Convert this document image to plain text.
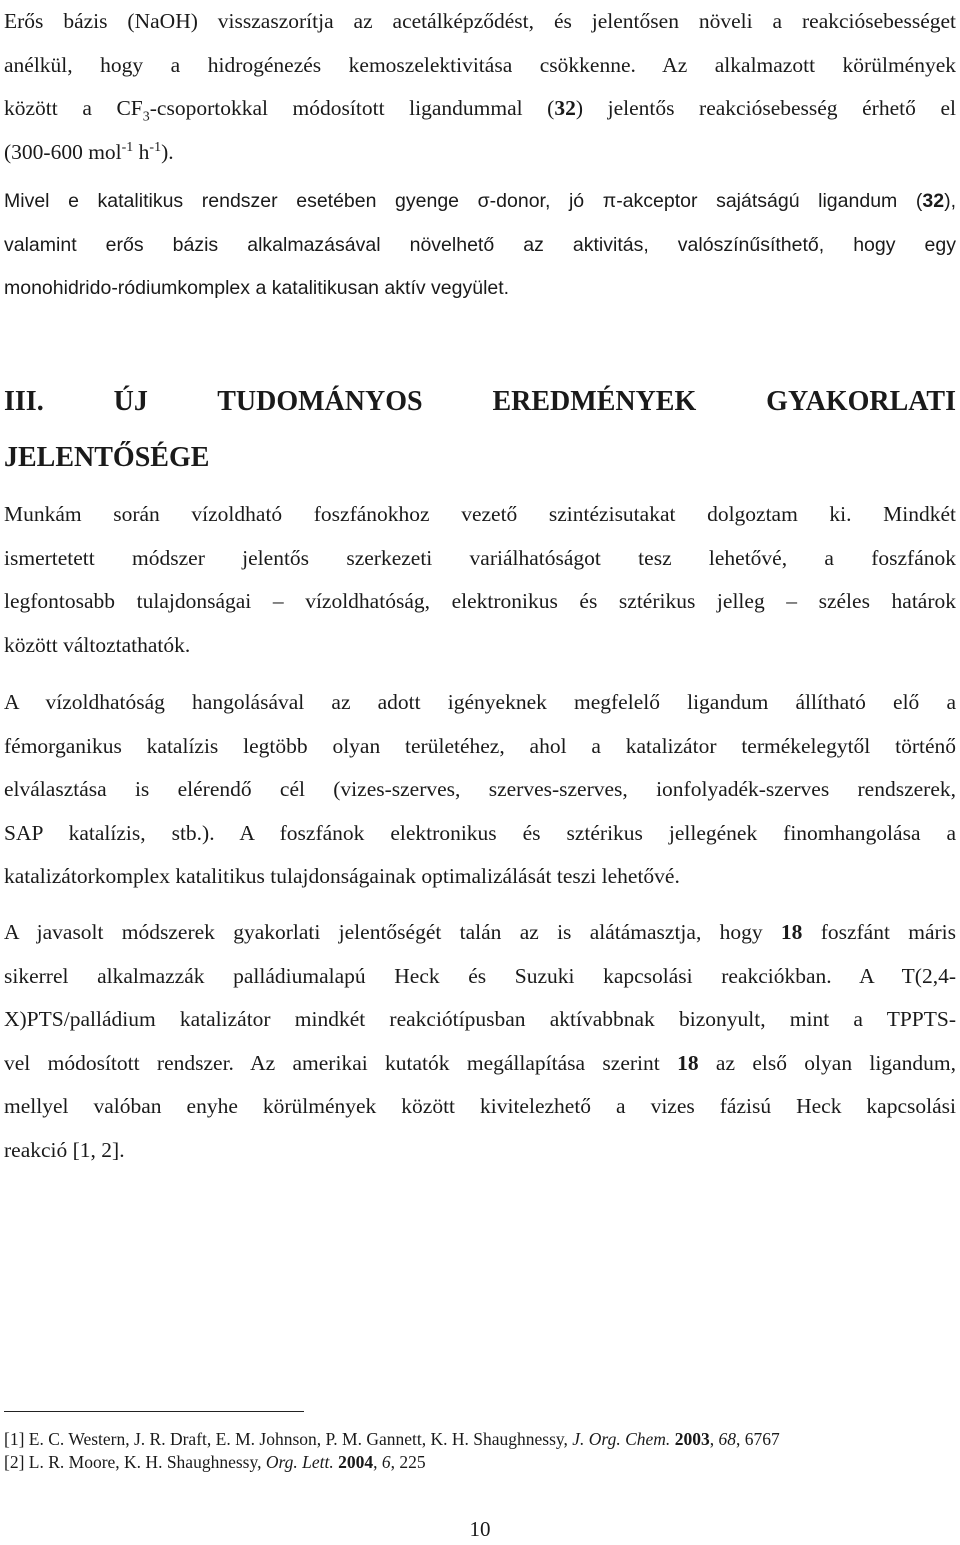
Erős bázis (NaOH) visszaszorítja az acetálképződést, és jelentősen növeli a reakciósebességet
anélkül, hogy a hidrogénezés kemoszelektivitása csökkenne. Az alkalmazott körülmények
között a $CF_3$-csoportokkal módosított ligandummal (32) jelentős reakciósebesség érhető el
(300-600 mol$^{-1}$ $h^{-1}$).
Mivel e katalitikus rendszer esetében gyenge σ-donor, jó π-akceptor sajátságú ligandum (32),
valamint erős bázis alkalmazásával növelhető az aktivitás, valószínűsíthető, hogy egy
monohidrido-ródiumkomplex a katalitikusan aktív vegyület.
III. ÚJ TUDOMÁNYOS EREDMÉNYEK GYAKORLATI
JELENTŐSÉGE
Munkám során vízoldható foszfánokhoz vezető szintézisutakat dolgoztam ki. Mindkét
ismertetett módszer jelentős szerkezeti variálhatóságot tesz lehetővé, a foszfánok
legfontosabb tulajdonságai – vízoldhatóság, elektronikus és sztérikus jelleg – széles határok
között változtathatók.
A vízoldhatóság hangolásával az adott igényeknek megfelelő ligandum állítható elő a
fémorganikus katalízis legtöbb olyan területéhez, ahol a katalizátor termékelegytől történő
elválasztása is elérendő cél (vizes-szerves, szerves-szerves, ionfolyadék-szerves rendszerek,
SAP katalízis, stb.). A foszfánok elektronikus és sztérikus jellegének finomhangolása a
katalizátorkomplex katalitikus tulajdonságainak optimalizálását teszi lehetővé.
A javasolt módszerek gyakorlati jelentőségét talán az is alátámasztja, hogy 18 foszfánt máris
sikerrel alkalmazzák palládiumalapú Heck és Suzuki kapcsolási reakciókban. A T(2,4-
X)PTS/palládium katalizátor mindkét reakciótípusban aktívabbnak bizonyult, mint a TPPTS-
vel módosított rendszer. Az amerikai kutatók megállapítása szerint 18 az első olyan ligandum,
mellyel valóban enyhe körülmények között kivitelezhető a vizes fázisú Heck kapcsolási
reakció [1, 2].

[1] E. C. Western, J. R. Draft, E. M. Johnson, P. M. Gannett, K. H. Shaughnessy, J. Org. Chem. 2003, 68, 6767

[2] L. R. Moore, K. H. Shaughnessy, Org. Lett. 2004, 6, 225

10
